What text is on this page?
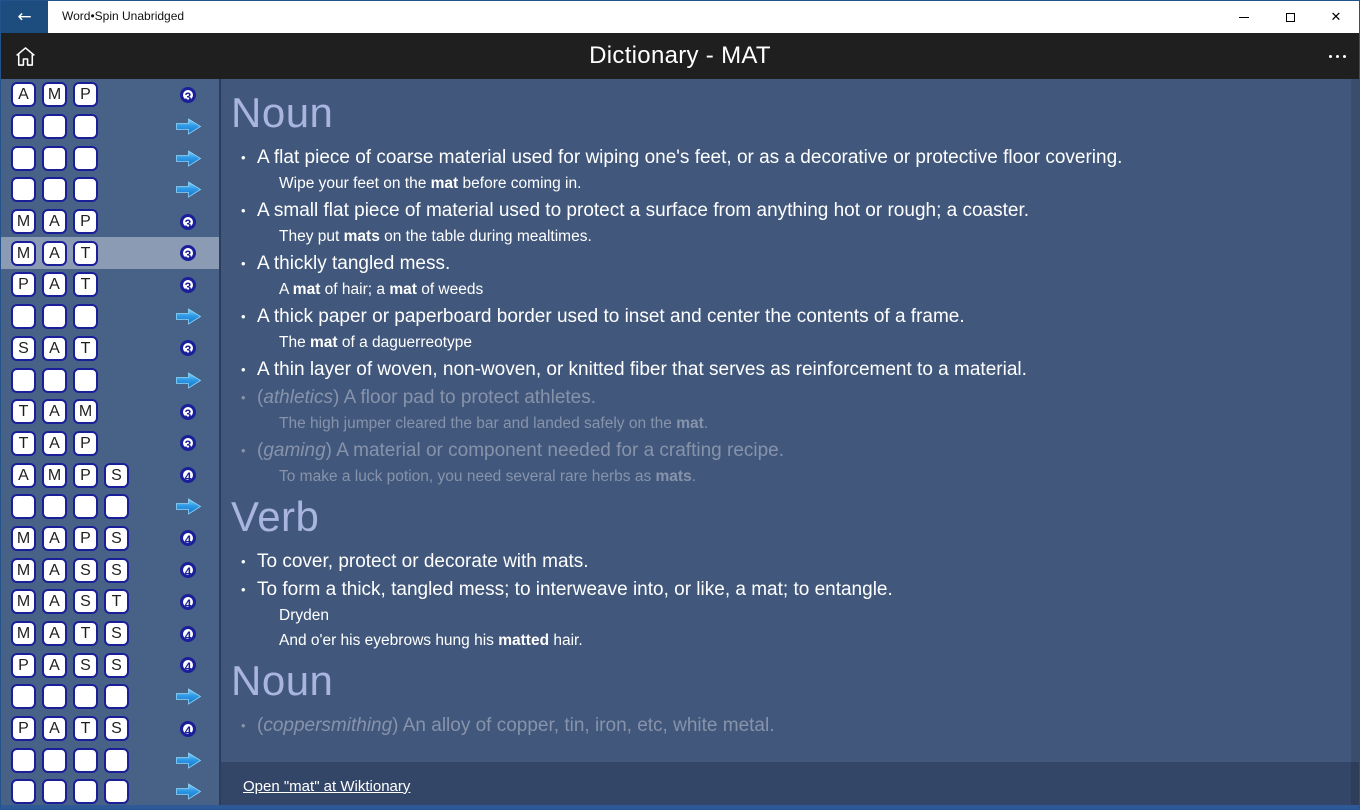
←	Word•Spin Unabridged	✕
Dictionary - MAT
A	M	P	3
M	A	P	3
M	A	T	3
P	A	T	3
S	A	T	3
T	A	M	3
T	A	P	3
A	M	P	S	4
M	A	P	S	4
M	A	S	S	4
M	A	S	T	4
M	A	T	S	4
P	A	S	S	4
P	A	T	S	4
Noun
• A flat piece of coarse material used for wiping one's feet, or as a decorative or protective floor covering.
Wipe your feet on the mat before coming in.
• A small flat piece of material used to protect a surface from anything hot or rough; a coaster.
They put mats on the table during mealtimes.
• A thickly tangled mess.
A mat of hair; a mat of weeds
• A thick paper or paperboard border used to inset and center the contents of a frame.
The mat of a daguerreotype
• A thin layer of woven, non-woven, or knitted fiber that serves as reinforcement to a material.
• (athletics) A floor pad to protect athletes.
The high jumper cleared the bar and landed safely on the mat.
• (gaming) A material or component needed for a crafting recipe.
To make a luck potion, you need several rare herbs as mats.
Verb
• To cover, protect or decorate with mats.
• To form a thick, tangled mess; to interweave into, or like, a mat; to entangle.
Dryden
And o'er his eyebrows hung his matted hair.
Noun
• (coppersmithing) An alloy of copper, tin, iron, etc, white metal.
Open "mat" at Wiktionary
